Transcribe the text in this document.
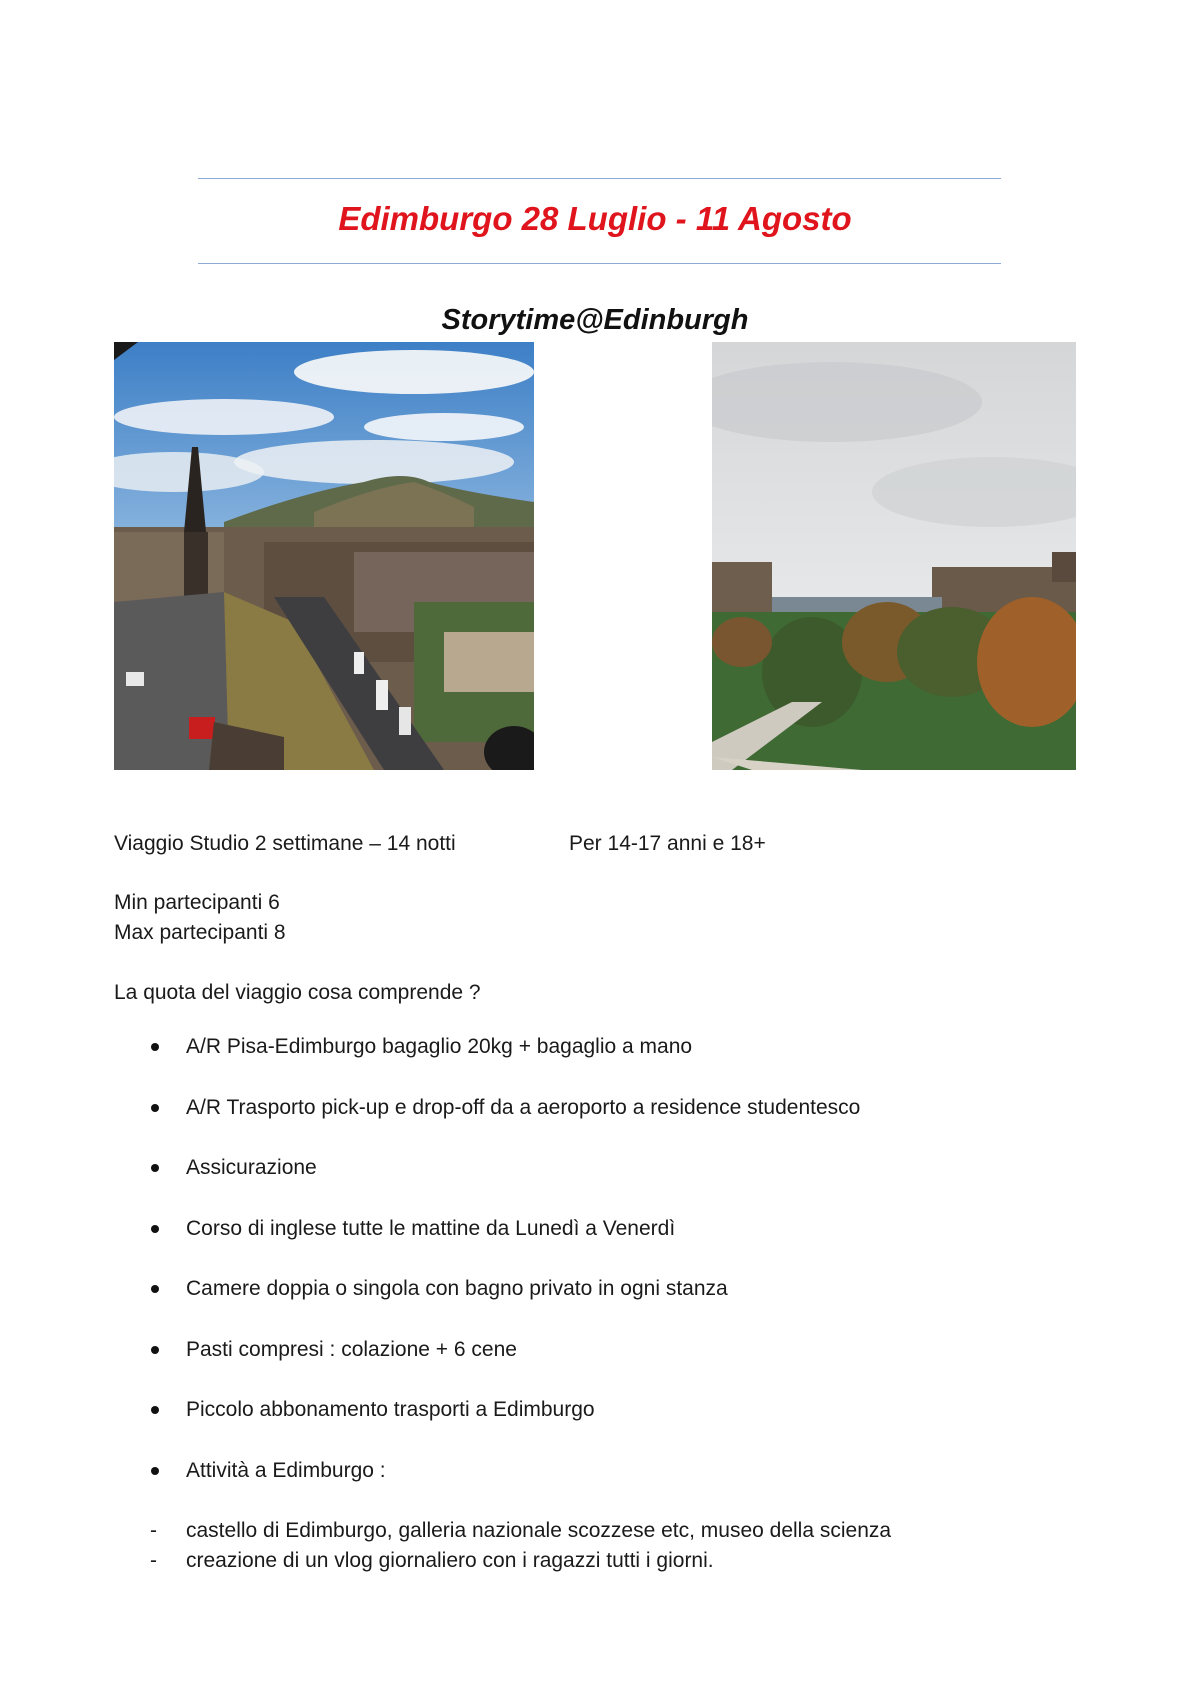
Edimburgo 28 Luglio - 11 Agosto
Storytime@Edinburgh

Viaggio Studio 2 settimane – 14 notti	Per 14-17 anni e 18+

Min partecipanti 6

Max partecipanti 8

La quota del viaggio cosa comprende ?

A/R Pisa-Edimburgo bagaglio 20kg + bagaglio a mano
A/R Trasporto pick-up e drop-off da a aeroporto a residence studentesco
Assicurazione
Corso di inglese tutte le mattine da Lunedì a Venerdì
Camere doppia o singola con bagno privato in ogni stanza
Pasti compresi : colazione + 6 cene
Piccolo abbonamento trasporti a Edimburgo
Attività a Edimburgo :
- castello di Edimburgo, galleria nazionale scozzese etc, museo della scienza
- creazione di un vlog giornaliero con i ragazzi tutti i giorni.
